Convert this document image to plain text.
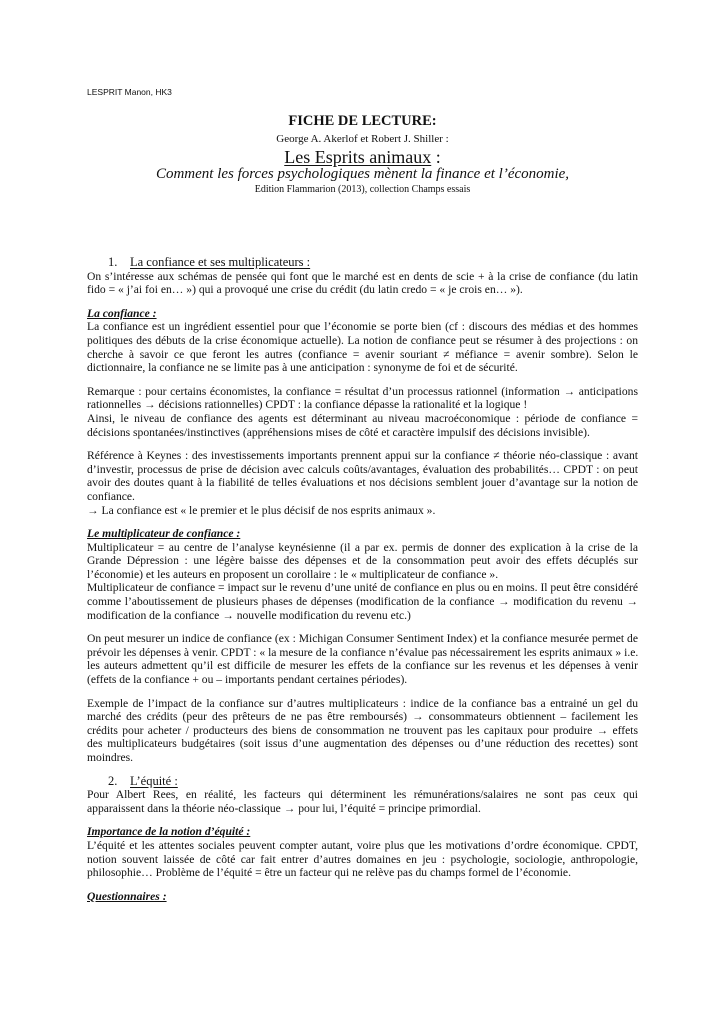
LESPRIT Manon, HK3
FICHE DE LECTURE:
George A. Akerlof et Robert J. Shiller :
Les Esprits animaux :
Comment les forces psychologiques mènent la finance et l’économie,
Edition Flammarion (2013), collection Champs essais
1. La confiance et ses multiplicateurs :
On s’intéresse aux schémas de pensée qui font que le marché est en dents de scie + à la crise de confiance (du latin
fido = « j’ai foi en… ») qui a provoqué une crise du crédit (du latin credo = « je crois en… »).
La confiance :
La confiance est un ingrédient essentiel pour que l’économie se porte bien (cf : discours des médias et des hommes
politiques des débuts de la crise économique actuelle). La notion de confiance peut se résumer à des projections : on
cherche à savoir ce que feront les autres (confiance = avenir souriant ≠ méfiance = avenir sombre). Selon le
dictionnaire, la confiance ne se limite pas à une anticipation : synonyme de foi et de sécurité.
Remarque : pour certains économistes, la confiance = résultat d’un processus rationnel (information → anticipations
rationnelles → décisions rationnelles) CPDT : la confiance dépasse la rationalité et la logique !
Ainsi, le niveau de confiance des agents est déterminant au niveau macroéconomique : période de confiance =
décisions spontanées/instinctives (appréhensions mises de côté et caractère impulsif des décisions invisible).
Référence à Keynes : des investissements importants prennent appui sur la confiance ≠ théorie néo-classique : avant
d’investir, processus de prise de décision avec calculs coûts/avantages, évaluation des probabilités… CPDT : on peut
avoir des doutes quant à la fiabilité de telles évaluations et nos décisions semblent jouer d’avantage sur la notion de
confiance.
→ La confiance est « le premier et le plus décisif de nos esprits animaux ».
Le multiplicateur de confiance :
Multiplicateur = au centre de l’analyse keynésienne (il a par ex. permis de donner des explication à la crise de la
Grande Dépression : une légère baisse des dépenses et de la consommation peut avoir des effets décuplés sur
l’économie) et les auteurs en proposent un corollaire : le « multiplicateur de confiance ».
Multiplicateur de confiance = impact sur le revenu d’une unité de confiance en plus ou en moins. Il peut être considéré
comme l’aboutissement de plusieurs phases de dépenses (modification de la confiance → modification du revenu →
modification de la confiance → nouvelle modification du revenu etc.)
On peut mesurer un indice de confiance (ex : Michigan Consumer Sentiment Index) et la confiance mesurée permet de
prévoir les dépenses à venir. CPDT : « la mesure de la confiance n’évalue pas nécessairement les esprits animaux » i.e.
les auteurs admettent qu’il est difficile de mesurer les effets de la confiance sur les revenus et les dépenses à venir
(effets de la confiance + ou – importants pendant certaines périodes).
Exemple de l’impact de la confiance sur d’autres multiplicateurs : indice de la confiance bas a entrainé un gel du
marché des crédits (peur des prêteurs de ne pas être remboursés) → consommateurs obtiennent – facilement les
crédits pour acheter / producteurs des biens de consommation ne trouvent pas les capitaux pour produire → effets
des multiplicateurs budgétaires (soit issus d’une augmentation des dépenses ou d’une réduction des recettes) sont
moindres.
2. L’équité :
Pour Albert Rees, en réalité, les facteurs qui déterminent les rémunérations/salaires ne sont pas ceux qui
apparaissent dans la théorie néo-classique → pour lui, l’équité = principe primordial.
Importance de la notion d’équité :
L’équité et les attentes sociales peuvent compter autant, voire plus que les motivations d’ordre économique. CPDT,
notion souvent laissée de côté car fait entrer d’autres domaines en jeu : psychologie, sociologie, anthropologie,
philosophie… Problème de l’équité = être un facteur qui ne relève pas du champs formel de l’économie.
Questionnaires :
